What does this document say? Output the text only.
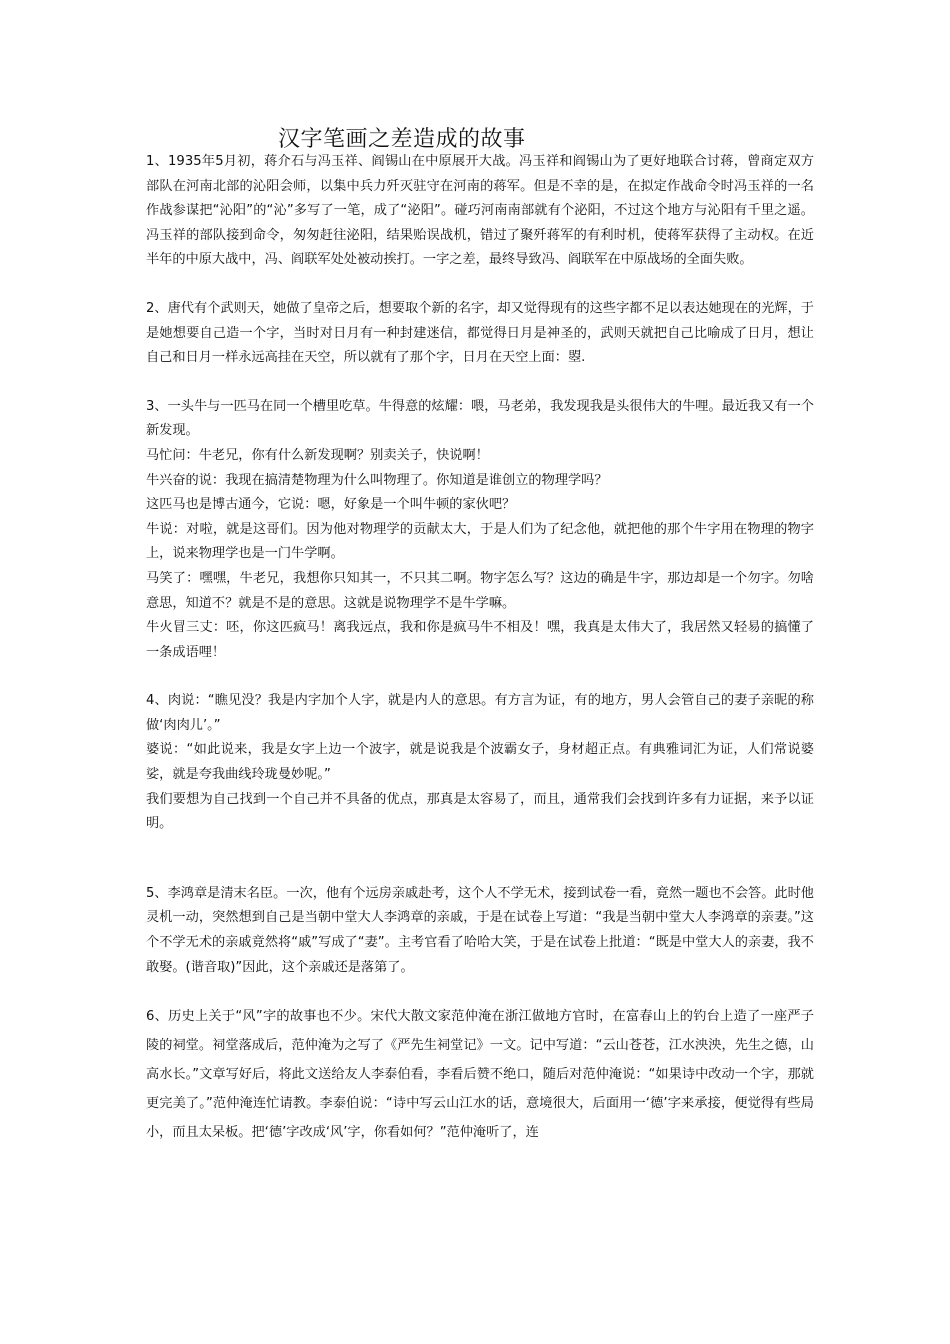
汉字笔画之差造成的故事

1、1935年5月初，蒋介石与冯玉祥、阎锡山在中原展开大战。冯玉祥和阎锡山为了更好地联合讨蒋，曾商定双方部队在河南北部的沁阳会师，以集中兵力歼灭驻守在河南的蒋军。但是不幸的是，在拟定作战命令时冯玉祥的一名作战参谋把“沁阳”的“沁”多写了一笔，成了“泌阳”。碰巧河南南部就有个泌阳，不过这个地方与沁阳有千里之遥。冯玉祥的部队接到命令，匆匆赶往泌阳，结果贻误战机，错过了聚歼蒋军的有利时机，使蒋军获得了主动权。在近半年的中原大战中，冯、阎联军处处被动挨打。一字之差，最终导致冯、阎联军在中原战场的全面失败。

2、唐代有个武则天，她做了皇帝之后，想要取个新的名字，却又觉得现有的这些字都不足以表达她现在的光辉，于是她想要自己造一个字，当时对日月有一种封建迷信，都觉得日月是神圣的，武则天就把自己比喻成了日月，想让自己和日月一样永远高挂在天空，所以就有了那个字，日月在天空上面：曌.

3、一头牛与一匹马在同一个槽里吃草。牛得意的炫耀：喂，马老弟，我发现我是头很伟大的牛哩。最近我又有一个新发现。

马忙问：牛老兄，你有什么新发现啊？别卖关子，快说啊！

牛兴奋的说：我现在搞清楚物理为什么叫物理了。你知道是谁创立的物理学吗？

这匹马也是博古通今，它说：嗯，好象是一个叫牛顿的家伙吧？

牛说：对啦，就是这哥们。因为他对物理学的贡献太大，于是人们为了纪念他，就把他的那个牛字用在物理的物字上，说来物理学也是一门牛学啊。

马笑了：嘿嘿，牛老兄，我想你只知其一，不只其二啊。物字怎么写？这边的确是牛字，那边却是一个勿字。勿啥意思，知道不？就是不是的意思。这就是说物理学不是牛学嘛。

牛火冒三丈：呸，你这匹疯马！离我远点，我和你是疯马牛不相及！嘿，我真是太伟大了，我居然又轻易的搞懂了一条成语哩！

4、肉说：“瞧见没？我是内字加个人字，就是内人的意思。有方言为证，有的地方，男人会管自己的妻子亲昵的称做‘肉肉儿’。”

婆说：“如此说来，我是女字上边一个波字，就是说我是个波霸女子，身材超正点。有典雅词汇为证，人们常说婆娑，就是夸我曲线玲珑曼妙呢。”

我们要想为自己找到一个自己并不具备的优点，那真是太容易了，而且，通常我们会找到许多有力证据，来予以证明。

5、李鸿章是清末名臣。一次，他有个远房亲戚赴考，这个人不学无术，接到试卷一看，竟然一题也不会答。此时他灵机一动，突然想到自己是当朝中堂大人李鸿章的亲戚，于是在试卷上写道：“我是当朝中堂大人李鸿章的亲妻。”这个不学无术的亲戚竟然将“戚”写成了“妻”。主考官看了哈哈大笑，于是在试卷上批道：“既是中堂大人的亲妻，我不敢娶。(谐音取)”因此，这个亲戚还是落第了。

6、历史上关于“风”字的故事也不少。宋代大散文家范仲淹在浙江做地方官时，在富春山上的钓台上造了一座严子陵的祠堂。祠堂落成后，范仲淹为之写了《严先生祠堂记》一文。记中写道：“云山苍苍，江水泱泱，先生之德，山高水长。”文章写好后，将此文送给友人李泰伯看，李看后赞不绝口，随后对范仲淹说：“如果诗中改动一个字，那就更完美了。”范仲淹连忙请教。李泰伯说：“诗中写云山江水的话，意境很大，后面用一‘德’字来承接，便觉得有些局小，而且太呆板。把‘德’字改成‘风’字，你看如何？”范仲淹听了，连
